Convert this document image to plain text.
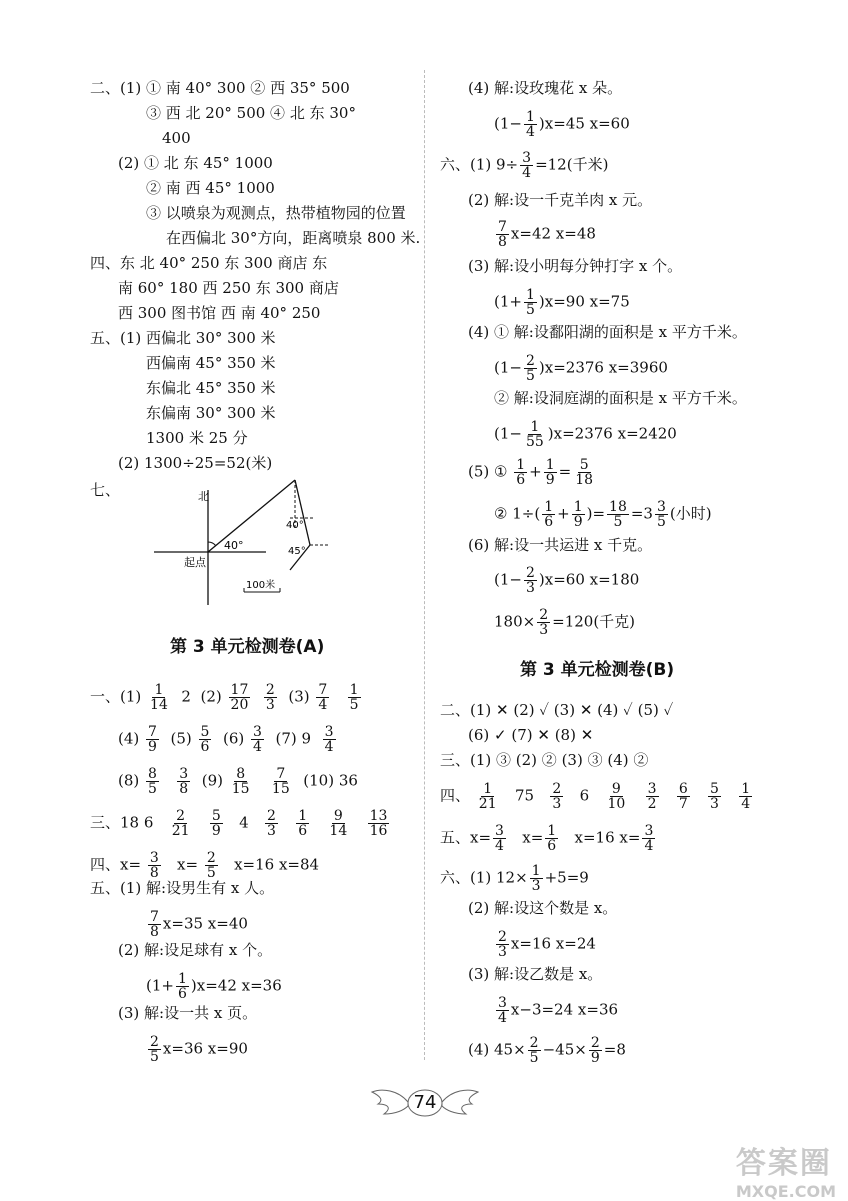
二、(1) ① 南 40° 300 ② 西 35° 500
③ 西 北 20° 500 ④ 北 东 30°
400
(2) ① 北 东 45° 1000
② 南 西 45° 1000
③ 以喷泉为观测点，热带植物园的位置
在西偏北 30°方向，距离喷泉 800 米.
四、东 北 40° 250 东 300 商店 东
南 60° 180 西 250 东 300 商店
西 300 图书馆 西 南 40° 250
五、(1) 西偏北 30° 300 米
西偏南 45° 350 米
东偏北 45° 350 米
东偏南 30° 300 米
1300 米 25 分
(2) 1300÷25=52(米)
七、	北
起点
40°
40°
45°
100米
第 3 单元检测卷(A)
一、$(1) \frac{1}{14} 2$ $(2) \frac{17}{20}$
$\frac{2}{3} (3) \frac{7}{4}$
$\frac{1}{5}$
$(4) \frac{7}{9} (5) \frac{5}{6} (6) \frac{3}{4} (7)$ $9 \frac{3}{4}$
$(8) \frac{8}{5}$
$\frac{3}{8} (9) \frac{8}{15}$
$\frac{7}{15} (10)$ 36
三、18 $6 \frac{2}{21}$
$\frac{5}{9} 4 \frac{2}{3}$
$\frac{1}{6}$
$\frac{9}{14}$
$\frac{13}{16}$
四、$x= \frac{3}{8} x= \frac{2}{5} x=16$ x=84
五、(1) 解:设男生有 x 人。
$\frac{7}{8} x=35$ x=40
(2) 解:设足球有 x 个。
$(1+ \frac{1}{6} )x=42$ x=36
(3) 解:设一共 x 页。
$\frac{2}{5} x=36$ x=90
(4) 解:设玫瑰花 x 朵。
$(1- \frac{1}{4} )x=45$ x=60
六、(1) $9\div \frac{3}{4} =12$(千米)
(2) 解:设一千克羊肉 x 元。
$\frac{7}{8} x=42$ x=48
(3) 解:设小明每分钟打字 x 个。
$(1+ \frac{1}{5} )x=90$ x=75
(4) ① 解:设鄱阳湖的面积是 x 平方千米。
$(1- \frac{2}{5} )x=2376$ x=3960
② 解:设洞庭湖的面积是 x 平方千米。
$(1- \frac{1}{55} )x=2376$ x=2420
(5) ① $\frac{1}{6} + \frac{1}{9} = \frac{5}{18}$
② $1\div( \frac{1}{6} + \frac{1}{9}$ )= $\frac{18}{5} =3 \frac{3}{5}$ (小时)
(6) 解:设一共运进 x 千克。
$(1- \frac{2}{3} )x=60$ x=180
$180\times \frac{2}{3} =120$(千克)
第 3 单元检测卷(B)
二、(1) ✕ (2) ✓ (3) ✕ (4) ✓ (5) ✓
(6) ✓ (7) ✕ (8) ✕
三、(1) ③ (2) ② (3) ③ (4) ②
四、 $\frac{1}{21} 75 \frac{2}{3} 6 \frac{9}{10}$
$\frac{3}{2}$
$\frac{6}{7}$
$\frac{5}{3}$
$\frac{1}{4}$
五、$x= \frac{3}{4} x= \frac{1}{6} x=16$ $x= \frac{3}{4}$
六、(1) $12\times \frac{1}{3} +5=9$
(2) 解:设这个数是 x。
$\frac{2}{3} x=16$ x=24
(3) 解:设乙数是 x。
$\frac{3}{4} x-3=24$ x=36
(4) $45\times \frac{2}{5} -45\times \frac{2}{9} =8$
74
答案圈
MXQE.COM
